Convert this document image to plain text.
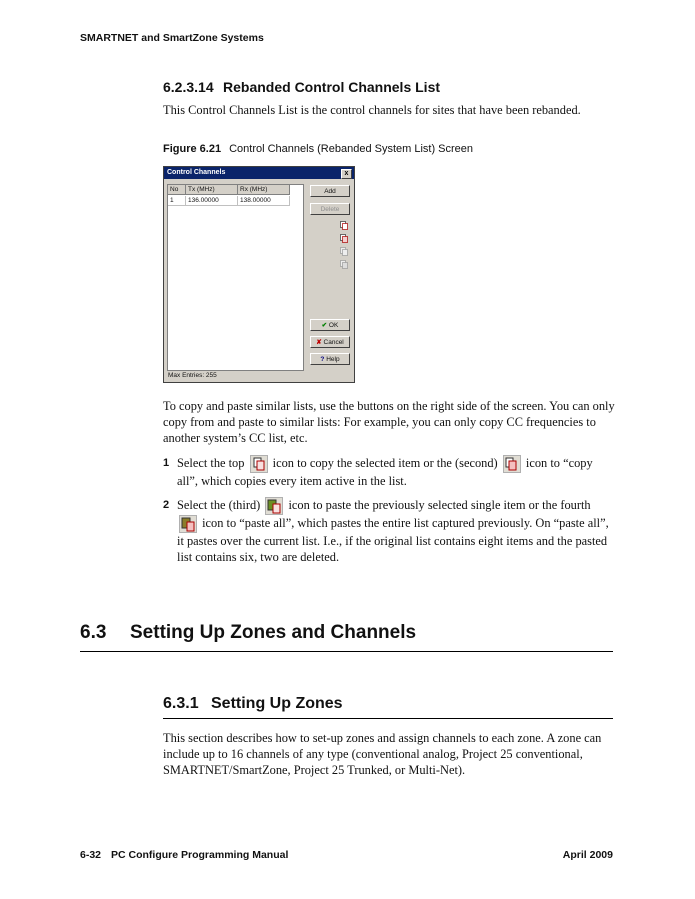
SMARTNET and SmartZone Systems
6.2.3.14 Rebanded Control Channels List
This Control Channels List is the control channels for sites that have been rebanded.
Figure 6.21 Control Channels (Rebanded System List) Screen
Control Channels	x
No	Tx (MHz)	Rx (MHz)
1	136.00000	138.00000
Add
Delete
✔ OK
✘ Cancel
? Help
Max Entries: 255
To copy and paste similar lists, use the buttons on the right side of the screen. You can only copy from and paste to similar lists: For example, you can only copy CC frequencies to another system’s CC list, etc.
1 Select the top icon to copy the selected item or the (second) icon to “copy all”, which copies every item active in the list.
2 Select the (third) icon to paste the previously selected single item or the fourth
icon to “paste all”, which pastes the entire list captured previously. On “paste all”, it pastes over the current list. I.e., if the original list contains eight items and the pasted list contains six, two are deleted.
6.3 Setting Up Zones and Channels
6.3.1 Setting Up Zones
This section describes how to set-up zones and assign channels to each zone. A zone can include up to 16 channels of any type (conventional analog, Project 25 conventional, SMARTNET/SmartZone, Project 25 Trunked, or Multi-Net).
6-32 PC Configure Programming Manual	April 2009
